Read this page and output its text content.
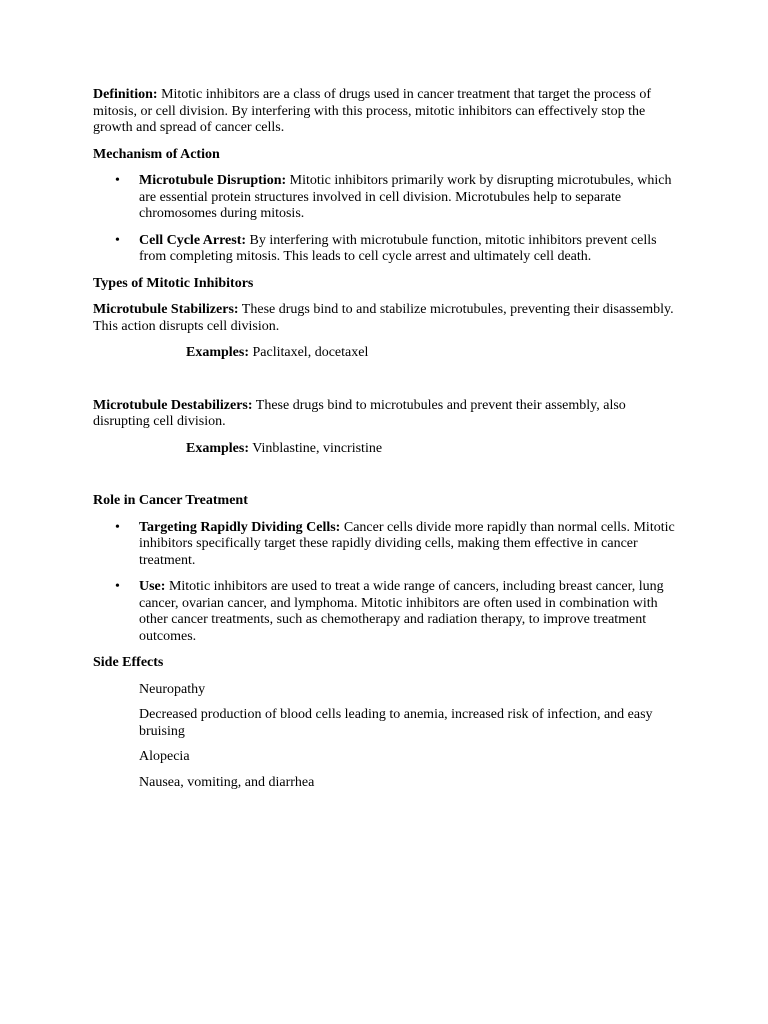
Definition: Mitotic inhibitors are a class of drugs used in cancer treatment that target the process of mitosis, or cell division. By interfering with this process, mitotic inhibitors can effectively stop the growth and spread of cancer cells.

Mechanism of Action

• Microtubule Disruption: Mitotic inhibitors primarily work by disrupting microtubules, which are essential protein structures involved in cell division. Microtubules help to separate chromosomes during mitosis.
• Cell Cycle Arrest: By interfering with microtubule function, mitotic inhibitors prevent cells from completing mitosis. This leads to cell cycle arrest and ultimately cell death.

Types of Mitotic Inhibitors

Microtubule Stabilizers: These drugs bind to and stabilize microtubules, preventing their disassembly. This action disrupts cell division.

Examples: Paclitaxel, docetaxel

Microtubule Destabilizers: These drugs bind to microtubules and prevent their assembly, also disrupting cell division.

Examples: Vinblastine, vincristine

Role in Cancer Treatment

• Targeting Rapidly Dividing Cells: Cancer cells divide more rapidly than normal cells. Mitotic inhibitors specifically target these rapidly dividing cells, making them effective in cancer treatment.
• Use: Mitotic inhibitors are used to treat a wide range of cancers, including breast cancer, lung cancer, ovarian cancer, and lymphoma. Mitotic inhibitors are often used in combination with other cancer treatments, such as chemotherapy and radiation therapy, to improve treatment outcomes.

Side Effects

Neuropathy

Decreased production of blood cells leading to anemia, increased risk of infection, and easy bruising

Alopecia

Nausea, vomiting, and diarrhea
